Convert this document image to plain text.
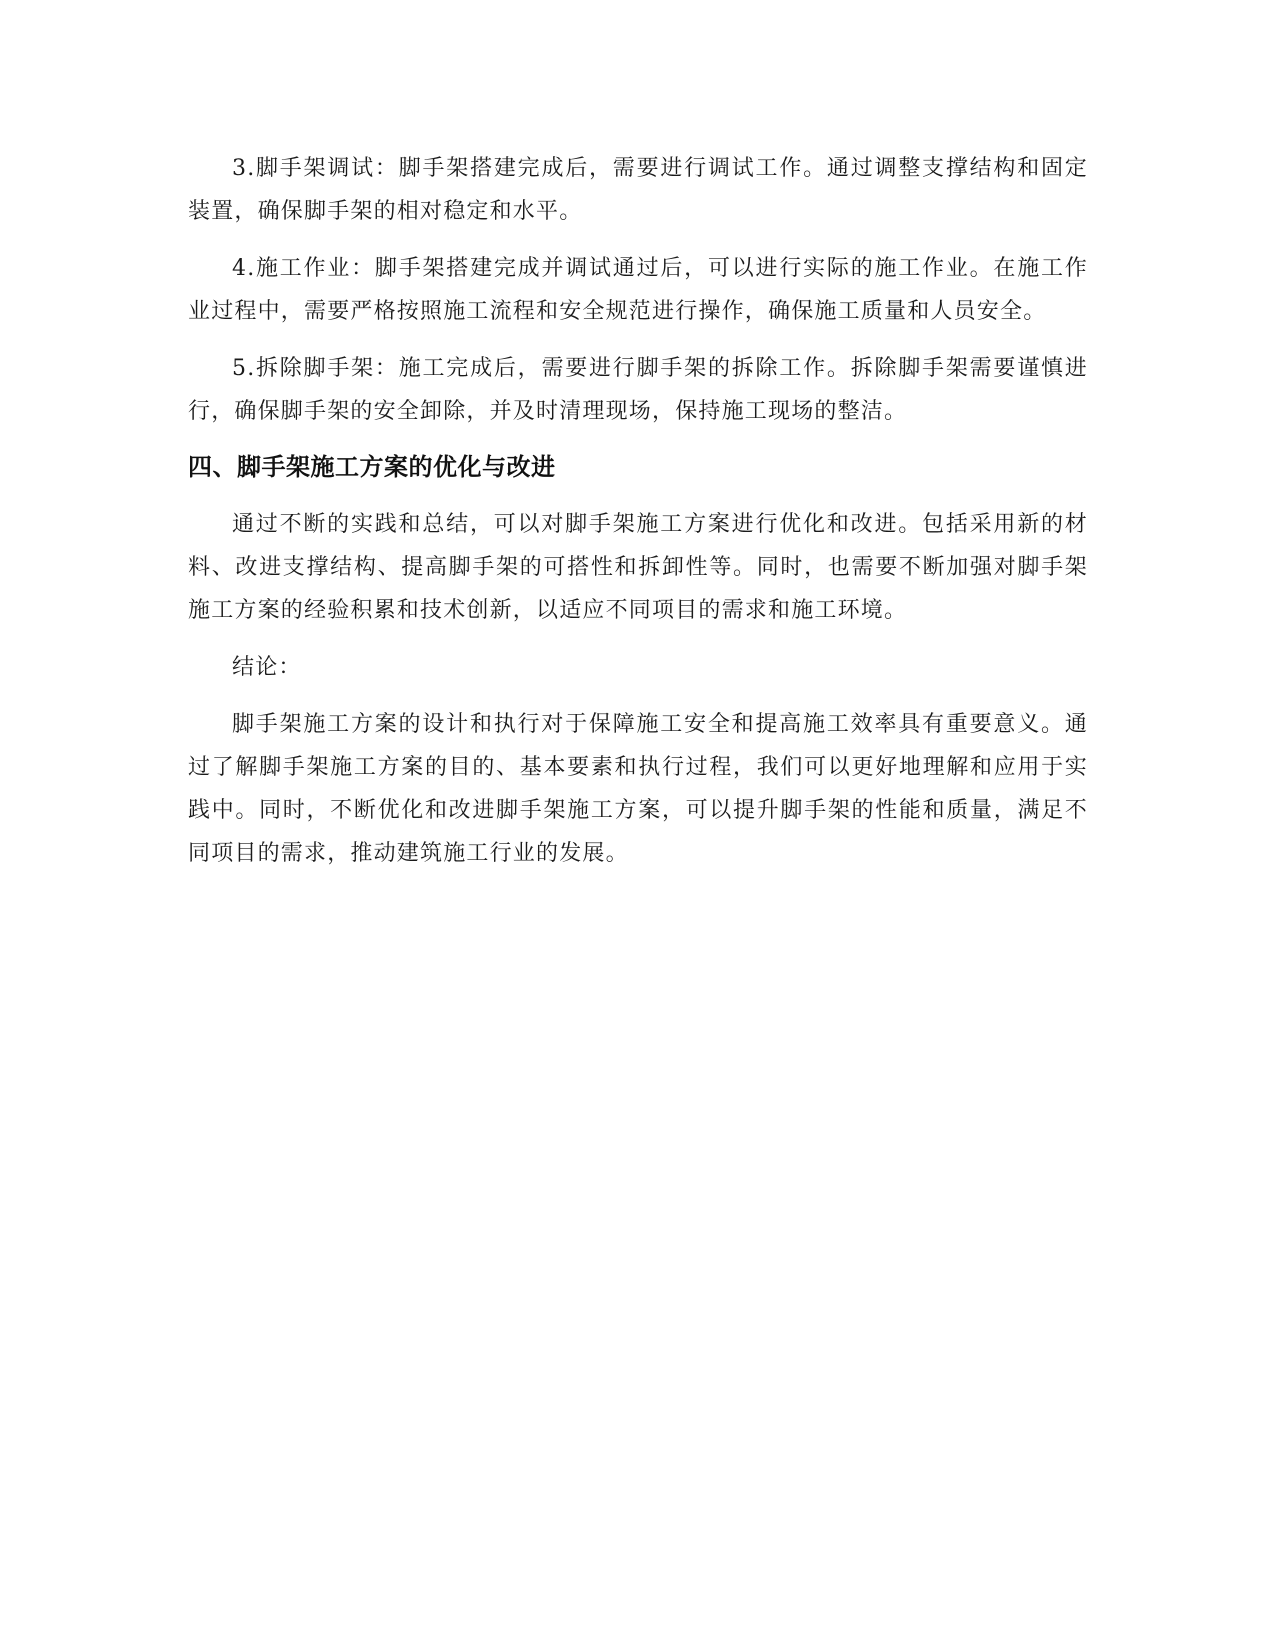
3.脚手架调试：脚手架搭建完成后，需要进行调试工作。通过调整支撑结构和固定装置，确保脚手架的相对稳定和水平。

4.施工作业：脚手架搭建完成并调试通过后，可以进行实际的施工作业。在施工作业过程中，需要严格按照施工流程和安全规范进行操作，确保施工质量和人员安全。

5.拆除脚手架：施工完成后，需要进行脚手架的拆除工作。拆除脚手架需要谨慎进行，确保脚手架的安全卸除，并及时清理现场，保持施工现场的整洁。

四、脚手架施工方案的优化与改进

通过不断的实践和总结，可以对脚手架施工方案进行优化和改进。包括采用新的材料、改进支撑结构、提高脚手架的可搭性和拆卸性等。同时，也需要不断加强对脚手架施工方案的经验积累和技术创新，以适应不同项目的需求和施工环境。

结论：

脚手架施工方案的设计和执行对于保障施工安全和提高施工效率具有重要意义。通过了解脚手架施工方案的目的、基本要素和执行过程，我们可以更好地理解和应用于实践中。同时，不断优化和改进脚手架施工方案，可以提升脚手架的性能和质量，满足不同项目的需求，推动建筑施工行业的发展。
